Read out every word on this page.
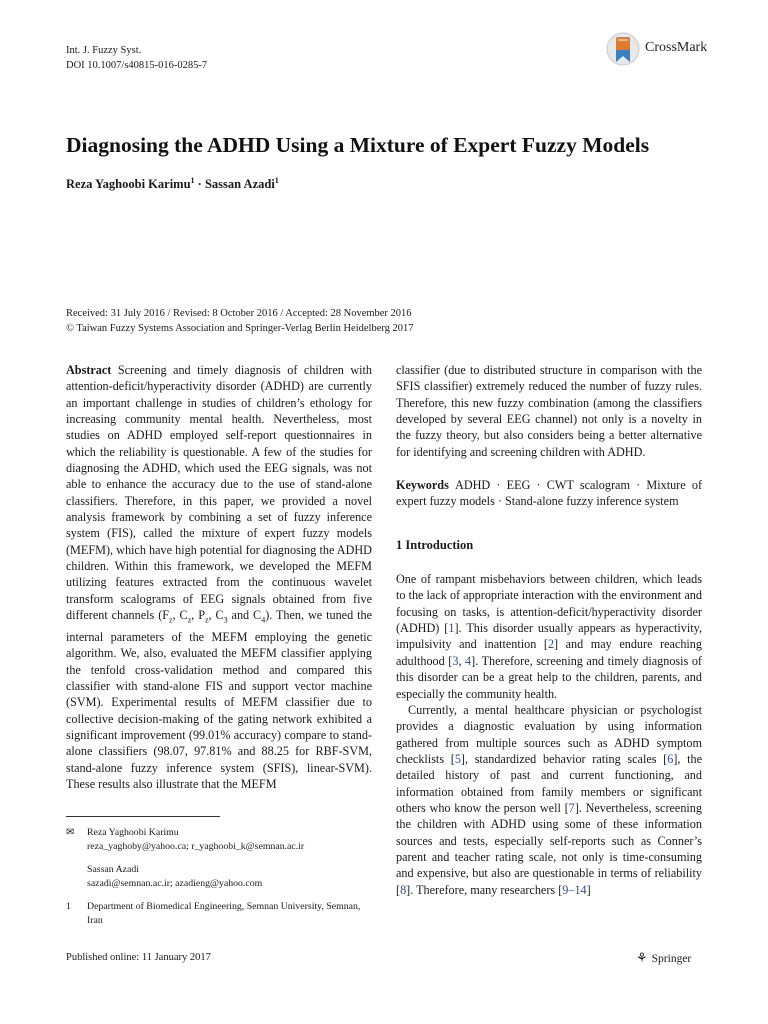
Int. J. Fuzzy Syst.
DOI 10.1007/s40815-016-0285-7
CrossMark
Diagnosing the ADHD Using a Mixture of Expert Fuzzy Models
Reza Yaghoobi Karimu$^1$ · Sassan Azadi$^1$
Received: 31 July 2016 / Revised: 8 October 2016 / Accepted: 28 November 2016
© Taiwan Fuzzy Systems Association and Springer-Verlag Berlin Heidelberg 2017

Abstract Screening and timely diagnosis of children with attention-deficit/hyperactivity disorder (ADHD) are currently an important challenge in studies of children’s ethology for increasing community mental health. Nevertheless, most studies on ADHD employed self-report questionnaires in which the reliability is questionable. A few of the studies for diagnosing the ADHD, which used the EEG signals, was not able to enhance the accuracy due to the use of stand-alone classifiers. Therefore, in this paper, we provided a novel analysis framework by combining a set of fuzzy inference system (FIS), called the mixture of expert fuzzy models (MEFM), which have high potential for diagnosing the ADHD children. Within this framework, we developed the MEFM utilizing features extracted from the continuous wavelet transform scalograms of EEG signals obtained from five different channels ($F_z$, $C_z$, $P_z$, $C_3$ and $C_4$). Then, we tuned the internal parameters of the MEFM employing the genetic algorithm. We, also, evaluated the MEFM classifier applying the tenfold cross-validation method and compared this classifier with stand-alone FIS and support vector machine (SVM). Experimental results of MEFM classifier due to collective decision-making of the gating network exhibited a significant improvement (99.01% accuracy) compare to stand-alone classifiers (98.07, 97.81% and 88.25 for RBF-SVM, stand-alone fuzzy inference system (SFIS), linear-SVM). These results also illustrate that the MEFM

classifier (due to distributed structure in comparison with the SFIS classifier) extremely reduced the number of fuzzy rules. Therefore, this new fuzzy combination (among the classifiers developed by several EEG channel) not only is a novelty in the fuzzy theory, but also considers being a better alternative for identifying and screening children with ADHD.

Keywords ADHD · EEG · CWT scalogram · Mixture of expert fuzzy models · Stand-alone fuzzy inference system

1 Introduction

One of rampant misbehaviors between children, which leads to the lack of appropriate interaction with the environment and focusing on tasks, is attention-deficit/hyperactivity disorder (ADHD) [1]. This disorder usually appears as hyperactivity, impulsivity and inattention [2] and may endure reaching adulthood [3, 4]. Therefore, screening and timely diagnosis of this disorder can be a great help to the children, parents, and especially the community health.

Currently, a mental healthcare physician or psychologist provides a diagnostic evaluation by using information gathered from multiple sources such as ADHD symptom checklists [5], standardized behavior rating scales [6], the detailed history of past and current functioning, and information obtained from family members or significant others who know the person well [7]. Nevertheless, screening the children with ADHD using some of these information sources and tests, especially self-reports such as Conner’s parent and teacher rating scale, not only is time-consuming and expensive, but also are questionable in terms of reliability [8]. Therefore, many researchers [9–14]

✉ Reza Yaghoobi Karimu
reza_yaghoby@yahoo.ca; r_yaghoobi_k@semnan.ac.ir
Sassan Azadi
sazadi@semnan.ac.ir; azadieng@yahoo.com
1 Department of Biomedical Engineering, Semnan University, Semnan, Iran
Published online: 11 January 2017	⚘ Springer
